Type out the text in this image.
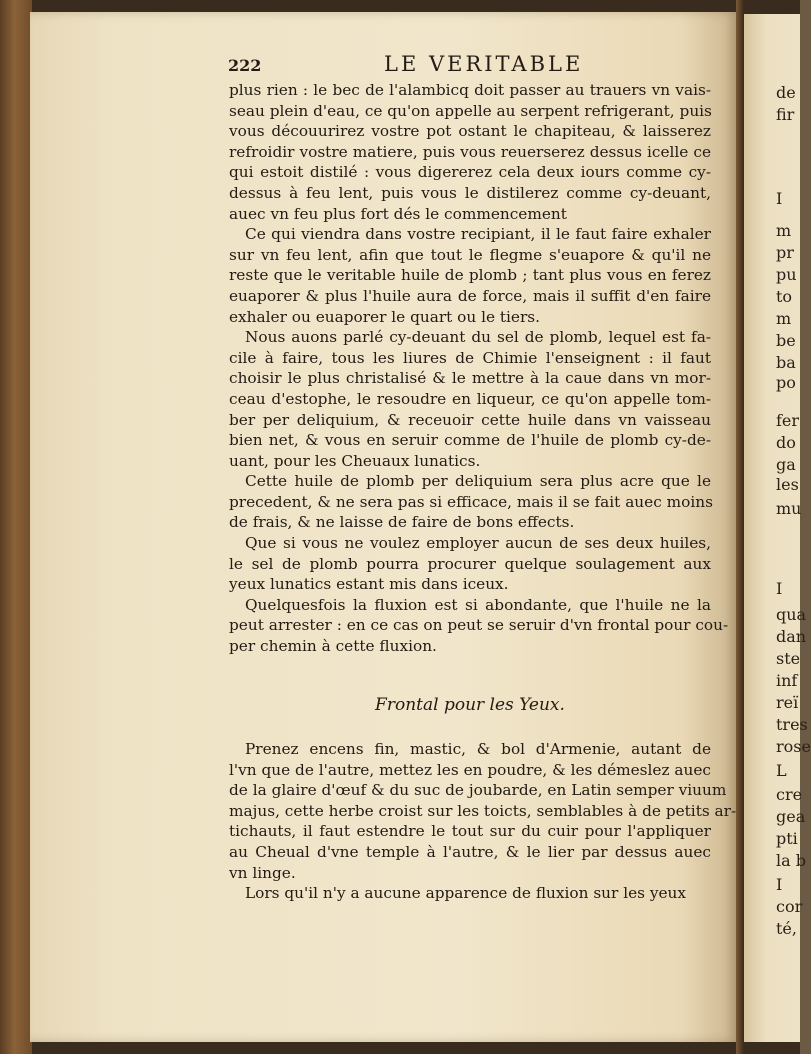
222	LE VERITABLE
plus rien : le bec de l'alambicq doit passer au trauers vn vais-
seau plein d'eau, ce qu'on appelle au serpent refrigerant, puis
vous découurirez vostre pot ostant le chapiteau, & laisserez
refroidir vostre matiere, puis vous reuerserez dessus icelle ce
qui estoit distilé : vous digererez cela deux iours comme cy-
dessus à feu lent, puis vous le distilerez comme cy-deuant,
auec vn feu plus fort dés le commencement
Ce qui viendra dans vostre recipiant, il le faut faire exhaler
sur vn feu lent, afin que tout le flegme s'euapore & qu'il ne
reste que le veritable huile de plomb ; tant plus vous en ferez
euaporer & plus l'huile aura de force, mais il suffit d'en faire
exhaler ou euaporer le quart ou le tiers.
Nous auons parlé cy-deuant du sel de plomb, lequel est fa-
cile à faire, tous les liures de Chimie l'enseignent : il faut
choisir le plus christalisé & le mettre à la caue dans vn mor-
ceau d'estophe, le resoudre en liqueur, ce qu'on appelle tom-
ber per deliquium, & receuoir cette huile dans vn vaisseau
bien net, & vous en seruir comme de l'huile de plomb cy-de-
uant, pour les Cheuaux lunatics.
Cette huile de plomb per deliquium sera plus acre que le
precedent, & ne sera pas si efficace, mais il se fait auec moins
de frais, & ne laisse de faire de bons effects.
Que si vous ne voulez employer aucun de ses deux huiles,
le sel de plomb pourra procurer quelque soulagement aux
yeux lunatics estant mis dans iceux.
Quelquesfois la fluxion est si abondante, que l'huile ne la
peut arrester : en ce cas on peut se seruir d'vn frontal pour cou-
per chemin à cette fluxion.
Frontal pour les Yeux.
Prenez encens fin, mastic, & bol d'Armenie, autant de
l'vn que de l'autre, mettez les en poudre, & les démeslez auec
de la glaire d'œuf & du suc de joubarde, en Latin semper viuum
majus, cette herbe croist sur les toicts, semblables à de petits ar-
tichauts, il faut estendre le tout sur du cuir pour l'appliquer
au Cheual d'vne temple à l'autre, & le lier par dessus auec
vn linge.
Lors qu'il n'y a aucune apparence de fluxion sur les yeux
de
fir
I
m
pr
pu
to
m
be
ba
po
fer
do
ga
les
mu
I
qua
dan
ste
inf
reï
tres
rose
L
cre
gea
pti
la b
I
cor
té,
